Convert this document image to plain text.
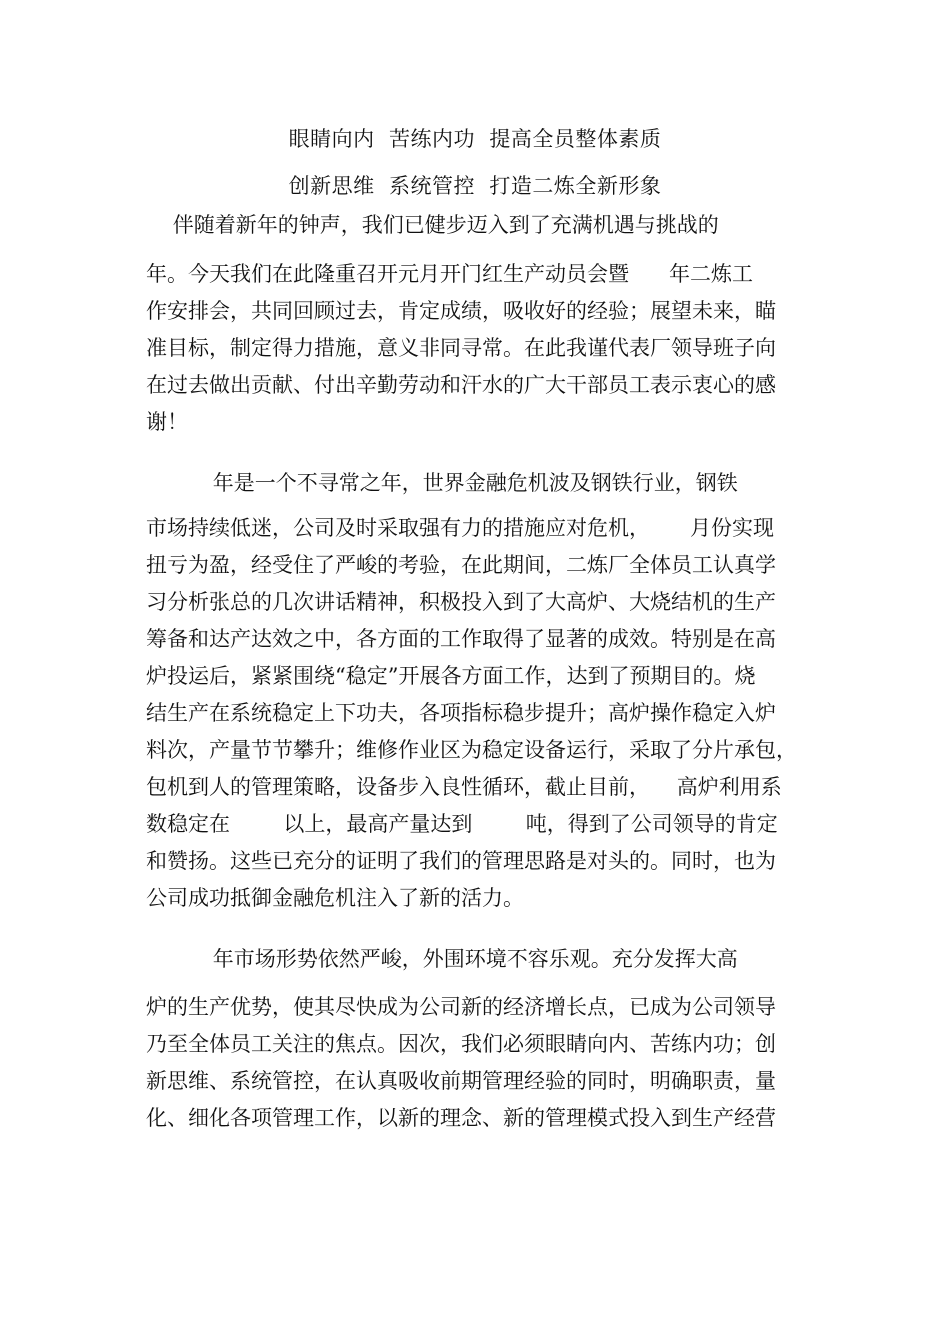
眼睛向内  苦练内功  提高全员整体素质
创新思维  系统管控  打造二炼全新形象
伴随着新年的钟声，我们已健步迈入到了充满机遇与挑战的
年。今天我们在此隆重召开元月开门红生产动员会暨      年二炼工
作安排会，共同回顾过去，肯定成绩，吸收好的经验；展望未来，瞄
准目标，制定得力措施，意义非同寻常。在此我谨代表厂领导班子向
在过去做出贡献、付出辛勤劳动和汗水的广大干部员工表示衷心的感
谢！
年是一个不寻常之年，世界金融危机波及钢铁行业，钢铁
市场持续低迷，公司及时采取强有力的措施应对危机，      月份实现
扭亏为盈，经受住了严峻的考验，在此期间，二炼厂全体员工认真学
习分析张总的几次讲话精神，积极投入到了大高炉、大烧结机的生产
筹备和达产达效之中，各方面的工作取得了显著的成效。特别是在高
炉投运后，紧紧围绕“稳定”开展各方面工作，达到了预期目的。烧
结生产在系统稳定上下功夫，各项指标稳步提升；高炉操作稳定入炉
料次，产量节节攀升；维修作业区为稳定设备运行，采取了分片承包，
包机到人的管理策略，设备步入良性循环，截止目前，    高炉利用系
数稳定在        以上，最高产量达到        吨，得到了公司领导的肯定
和赞扬。这些已充分的证明了我们的管理思路是对头的。同时，也为
公司成功抵御金融危机注入了新的活力。
年市场形势依然严峻，外围环境不容乐观。充分发挥大高
炉的生产优势，使其尽快成为公司新的经济增长点，已成为公司领导
乃至全体员工关注的焦点。因次，我们必须眼睛向内、苦练内功；创
新思维、系统管控，在认真吸收前期管理经验的同时，明确职责，量
化、细化各项管理工作，以新的理念、新的管理模式投入到生产经营
